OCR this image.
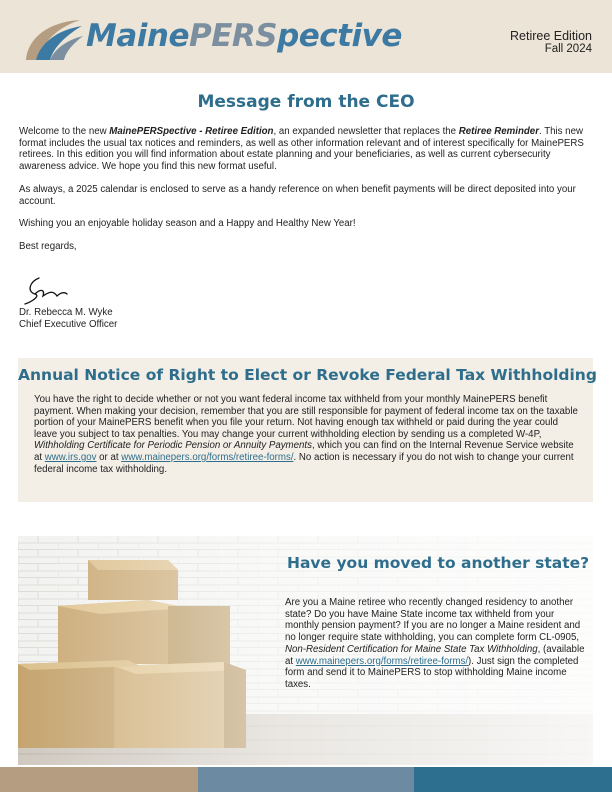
MainePERSpective	Retiree Edition
Fall 2024
Message from the CEO

Welcome to the new MainePERSpective - Retiree Edition, an expanded newsletter that replaces the Retiree Reminder. This new format includes the usual tax notices and reminders, as well as other information relevant and of interest specifically for MainePERS retirees. In this edition you will find information about estate planning and your beneficiaries, as well as current cybersecurity awareness advice. We hope you find this new format useful.

As always, a 2025 calendar is enclosed to serve as a handy reference on when benefit payments will be direct deposited into your account.

Wishing you an enjoyable holiday season and a Happy and Healthy New Year!

Best regards,

Dr. Rebecca M. Wyke
Chief Executive Officer
Annual Notice of Right to Elect or Revoke Federal Tax Withholding
You have the right to decide whether or not you want federal income tax withheld from your monthly MainePERS benefit payment. When making your decision, remember that you are still responsible for payment of federal income tax on the taxable portion of your MainePERS benefit when you file your return. Not having enough tax withheld or paid during the year could leave you subject to tax penalties. You may change your current withholding election by sending us a completed W-4P, Withholding Certificate for Periodic Pension or Annuity Payments, which you can find on the Internal Revenue Service website at www.irs.gov or at www.mainepers.org/forms/retiree-forms/. No action is necessary if you do not wish to change your current federal income tax withholding.
Have you moved to another state?
Are you a Maine retiree who recently changed residency to another state? Do you have Maine State income tax withheld from your monthly pension payment? If you are no longer a Maine resident and no longer require state withholding, you can complete form CL-0905, Non-Resident Certification for Maine State Tax Withholding, (available at www.mainepers.org/forms/retiree-forms/). Just sign the completed form and send it to MainePERS to stop withholding Maine income taxes.
